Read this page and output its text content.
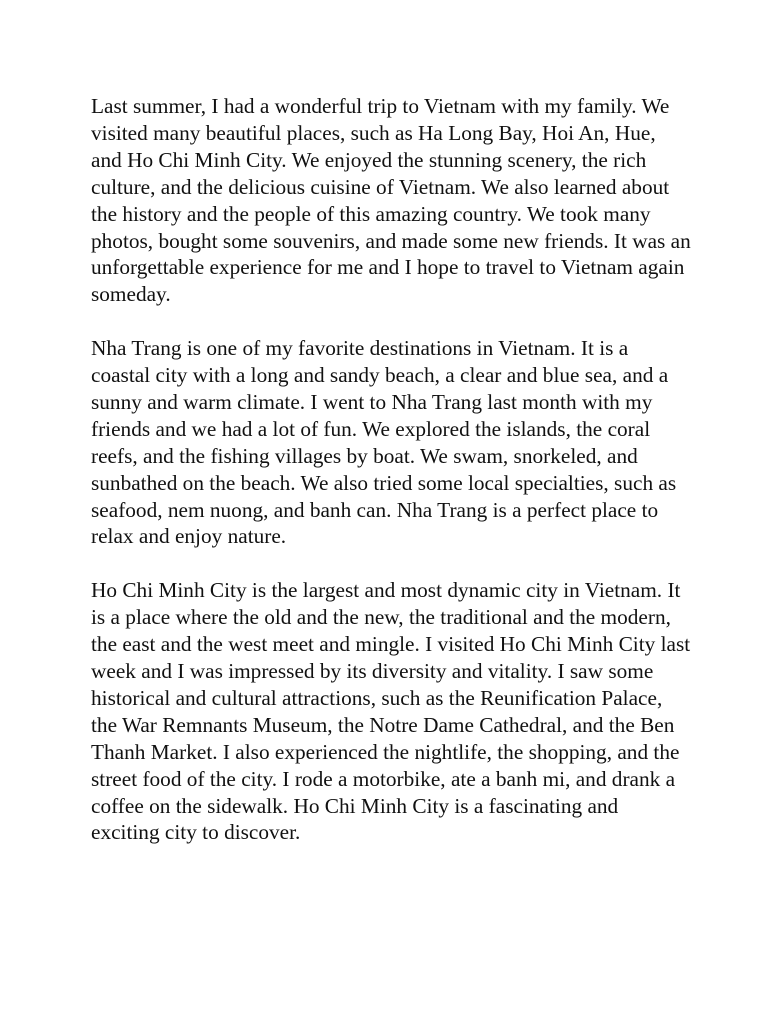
Last summer, I had a wonderful trip to Vietnam with my family. We visited many beautiful places, such as Ha Long Bay, Hoi An, Hue, and Ho Chi Minh City. We enjoyed the stunning scenery, the rich culture, and the delicious cuisine of Vietnam. We also learned about the history and the people of this amazing country. We took many photos, bought some souvenirs, and made some new friends. It was an unforgettable experience for me and I hope to travel to Vietnam again someday.

Nha Trang is one of my favorite destinations in Vietnam. It is a coastal city with a long and sandy beach, a clear and blue sea, and a sunny and warm climate. I went to Nha Trang last month with my friends and we had a lot of fun. We explored the islands, the coral reefs, and the fishing villages by boat. We swam, snorkeled, and sunbathed on the beach. We also tried some local specialties, such as seafood, nem nuong, and banh can. Nha Trang is a perfect place to relax and enjoy nature.

Ho Chi Minh City is the largest and most dynamic city in Vietnam. It is a place where the old and the new, the traditional and the modern, the east and the west meet and mingle. I visited Ho Chi Minh City last week and I was impressed by its diversity and vitality. I saw some historical and cultural attractions, such as the Reunification Palace, the War Remnants Museum, the Notre Dame Cathedral, and the Ben Thanh Market. I also experienced the nightlife, the shopping, and the street food of the city. I rode a motorbike, ate a banh mi, and drank a coffee on the sidewalk. Ho Chi Minh City is a fascinating and exciting city to discover.
